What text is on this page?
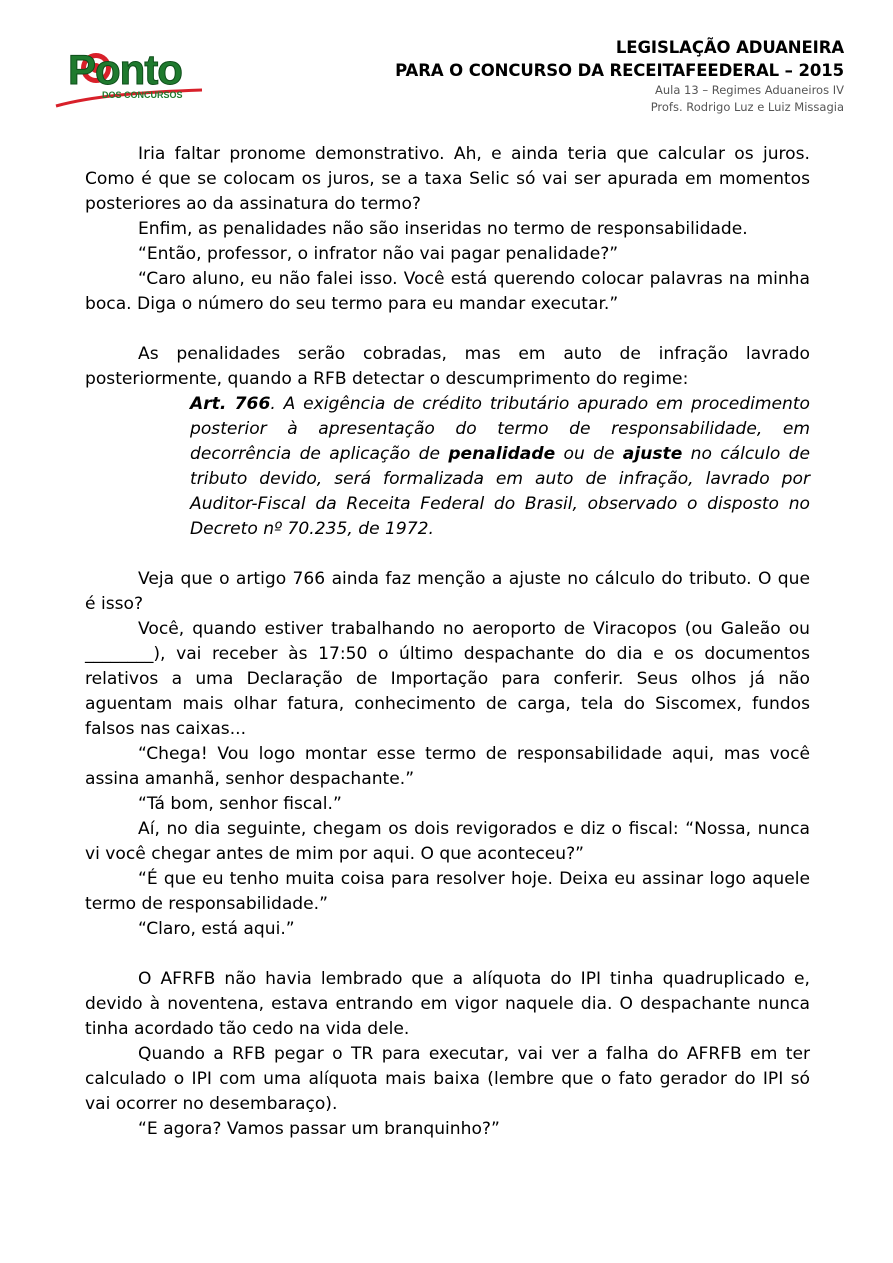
Ponto
DOS CONCURSOS
LEGISLAÇÃO ADUANEIRA
PARA O CONCURSO DA RECEITAFEEDERAL – 2015
Aula 13 – Regimes Aduaneiros IV
Profs. Rodrigo Luz e Luiz Missagia

Iria faltar pronome demonstrativo. Ah, e ainda teria que calcular os juros. Como é que se colocam os juros, se a taxa Selic só vai ser apurada em momentos posteriores ao da assinatura do termo?

Enfim, as penalidades não são inseridas no termo de responsabilidade.

“Então, professor, o infrator não vai pagar penalidade?”

“Caro aluno, eu não falei isso. Você está querendo colocar palavras na minha boca. Diga o número do seu termo para eu mandar executar.”

As penalidades serão cobradas, mas em auto de infração lavrado posteriormente, quando a RFB detectar o descumprimento do regime:

Art. 766. A exigência de crédito tributário apurado em procedimento posterior à apresentação do termo de responsabilidade, em decorrência de aplicação de penalidade ou de ajuste no cálculo de tributo devido, será formalizada em auto de infração, lavrado por Auditor-Fiscal da Receita Federal do Brasil, observado o disposto no Decreto nº 70.235, de 1972.

Veja que o artigo 766 ainda faz menção a ajuste no cálculo do tributo. O que é isso?

Você, quando estiver trabalhando no aeroporto de Viracopos (ou Galeão ou ________), vai receber às 17:50 o último despachante do dia e os documentos relativos a uma Declaração de Importação para conferir. Seus olhos já não aguentam mais olhar fatura, conhecimento de carga, tela do Siscomex, fundos falsos nas caixas...

“Chega! Vou logo montar esse termo de responsabilidade aqui, mas você assina amanhã, senhor despachante.”

“Tá bom, senhor fiscal.”

Aí, no dia seguinte, chegam os dois revigorados e diz o fiscal: “Nossa, nunca vi você chegar antes de mim por aqui. O que aconteceu?”

“É que eu tenho muita coisa para resolver hoje. Deixa eu assinar logo aquele termo de responsabilidade.”

“Claro, está aqui.”

O AFRFB não havia lembrado que a alíquota do IPI tinha quadruplicado e, devido à noventena, estava entrando em vigor naquele dia. O despachante nunca tinha acordado tão cedo na vida dele.

Quando a RFB pegar o TR para executar, vai ver a falha do AFRFB em ter calculado o IPI com uma alíquota mais baixa (lembre que o fato gerador do IPI só vai ocorrer no desembaraço).

“E agora? Vamos passar um branquinho?”
